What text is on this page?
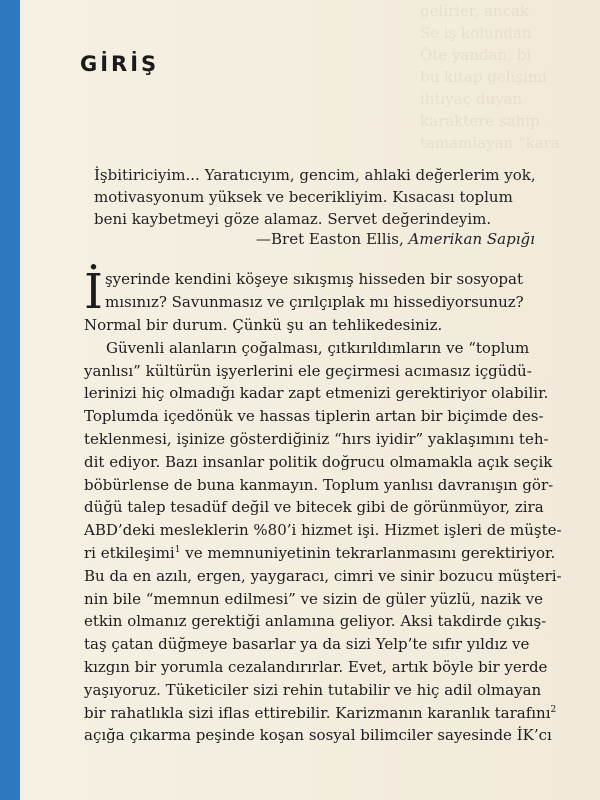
gelirler, ancak
Se iş kolundan
Öte yandan, bi
bu kitap gelişimi
ihtiyaç duyan
karaktere sahip
tamamlayan “kara
GİRİŞ
İşbitiriciyim... Yaratıcıyım, gencim, ahlaki değerlerim yok,
motivasyonum yüksek ve becerikliyim. Kısacası toplum
beni kaybetmeyi göze alamaz. Servet değerindeyim.
—Bret Easton Ellis, Amerikan Sapığı
İ şyerinde kendini köşeye sıkışmış hisseden bir sosyopat
mısınız? Savunmasız ve çırılçıplak mı hissediyorsunuz?
Normal bir durum. Çünkü şu an tehlikedesiniz.
Güvenli alanların çoğalması, çıtkırıldımların ve “toplum
yanlısı” kültürün işyerlerini ele geçirmesi acımasız içgüdü-
lerinizi hiç olmadığı kadar zapt etmenizi gerektiriyor olabilir.
Toplumda içedönük ve hassas tiplerin artan bir biçimde des-
teklenmesi, işinize gösterdiğiniz “hırs iyidir” yaklaşımını teh-
dit ediyor. Bazı insanlar politik doğrucu olmamakla açık seçik
böbürlense de buna kanmayın. Toplum yanlısı davranışın gör-
düğü talep tesadüf değil ve bitecek gibi de görünmüyor, zira
ABD’deki mesleklerin %80’i hizmet işi. Hizmet işleri de müşte-
ri etkileşimi$^1$ ve memnuniyetinin tekrarlanmasını gerektiriyor.
Bu da en azılı, ergen, yaygaracı, cimri ve sinir bozucu müşteri-
nin bile “memnun edilmesi” ve sizin de güler yüzlü, nazik ve
etkin olmanız gerektiği anlamına geliyor. Aksi takdirde çıkış-
taş çatan düğmeye basarlar ya da sizi Yelp’te sıfır yıldız ve
kızgın bir yorumla cezalandırırlar. Evet, artık böyle bir yerde
yaşıyoruz. Tüketiciler sizi rehin tutabilir ve hiç adil olmayan
bir rahatlıkla sizi iflas ettirebilir. Karizmanın karanlık tarafını$^2$
açığa çıkarma peşinde koşan sosyal bilimciler sayesinde İK’cı
